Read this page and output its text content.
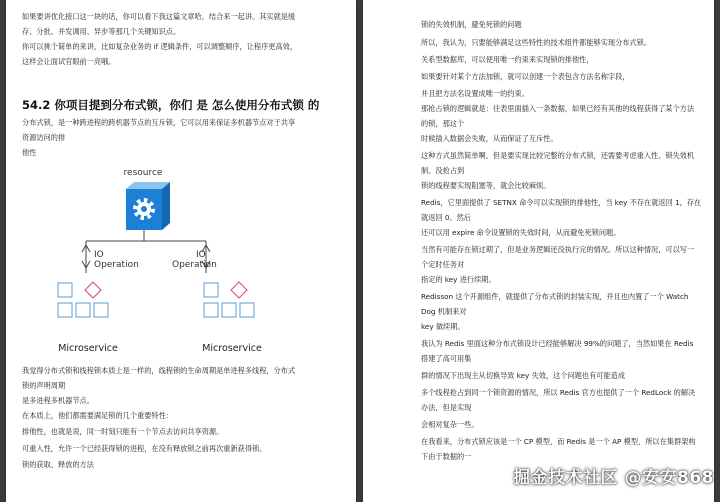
如果要讲优化接口这一块的话，你可以看下我这篇文章哈，结合来一起讲。其实就是缓
存、分批、并发调用、异步等那几个关键知识点。
你可以挑个简单的来讲，比如复杂业务的 if 逻辑条件，可以调整顺序，让程序更高效，
这样会让面试官眼前一亮哦。
54.2 你项目提到分布式锁，你们 是 怎么使用分布式锁 的
分布式锁，是一种跨进程的跨机器节点的互斥锁，它可以用来保证多机器节点对于共享
资源访问的排
他性
resource
IO
Operation
IO
Operation
Microservice	Microservice
我觉得分布式锁和线程锁本质上是一样的，线程锁的生命周期是单进程多线程，分布式
锁的声明周期
是多进程多机器节点。
在本质上，他们都需要满足锁的几个重要特性：
排他性，也就是说，同一时刻只能有一个节点去访问共享资源。
可重入性，允许一个已经获得锁的进程，在没有释放锁之前再次重新获得锁。
锁的获取、释放的方法
锁的失效机制，避免死锁的问题
所以，我认为，只要能够满足这些特性的技术组件都能够实现分布式锁。
关系型数据库，可以使用唯一约束来实现锁的排他性，
如果要针对某个方法加锁，就可以创建一个表包含方法名称字段，
并且把方法名设置成唯一的约束。
那抢占锁的逻辑就是：往表里面插入一条数据，如果已经有其他的线程获得了某个方法
的锁，那这个
时候插入数据会失败，从而保证了互斥性。
这种方式虽然简单啊，但是要实现比较完整的分布式锁，还需要考虑重入性、锁失效机
制、没抢占到
锁的线程要实现阻塞等，就会比较麻烦。
Redis，它里面提供了 SETNX 命令可以实现锁的排他性，当 key 不存在就返回 1，存在
就返回 0。然后
还可以用 expire 命令设置锁的失效时间，从而避免死锁问题。
当然有可能存在锁过期了，但是业务逻辑还没执行完的情况。所以这种情况，可以写一
个定时任务对
指定的 key 进行续期。
Redisson 这个开源组件，就提供了分布式锁的封装实现，并且也内置了一个 Watch
Dog 机制来对
key 做续期。
我认为 Redis 里面这种分布式锁设计已经能够解决 99%的问题了，当然如果在 Redis
搭建了高可用集
群的情况下出现主从切换导致 key 失效，这个问题也有可能造成
多个线程抢占到同一个锁资源的情况，所以 Redis 官方也提供了一个 RedLock 的解决
办法，但是实现
会相对复杂一些。
在我看来，分布式锁应该是一个 CP 模型，而 Redis 是一个 AP 模型，所以在集群架构
下由于数据的一
掘金技术社区 @安安868
